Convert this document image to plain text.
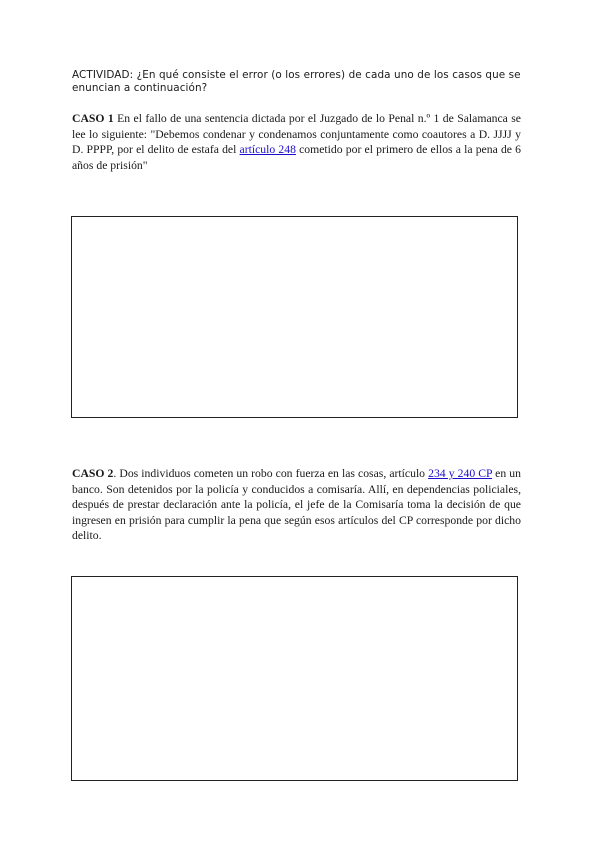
ACTIVIDAD: ¿En qué consiste el error (o los errores) de cada uno de los casos que se enuncian a continuación?
CASO 1 En el fallo de una sentencia dictada por el Juzgado de lo Penal n.º 1 de Salamanca se lee lo siguiente: "Debemos condenar y condenamos conjuntamente como coautores a D. JJJJ y D. PPPP, por el delito de estafa del artículo 248 cometido por el primero de ellos a la pena de 6 años de prisión"
CASO 2. Dos individuos cometen un robo con fuerza en las cosas, artículo 234 y 240 CP en un banco. Son detenidos por la policía y conducidos a comisaría. Allí, en dependencias policiales, después de prestar declaración ante la policía, el jefe de la Comisaría toma la decisión de que ingresen en prisión para cumplir la pena que según esos artículos del CP corresponde por dicho delito.
